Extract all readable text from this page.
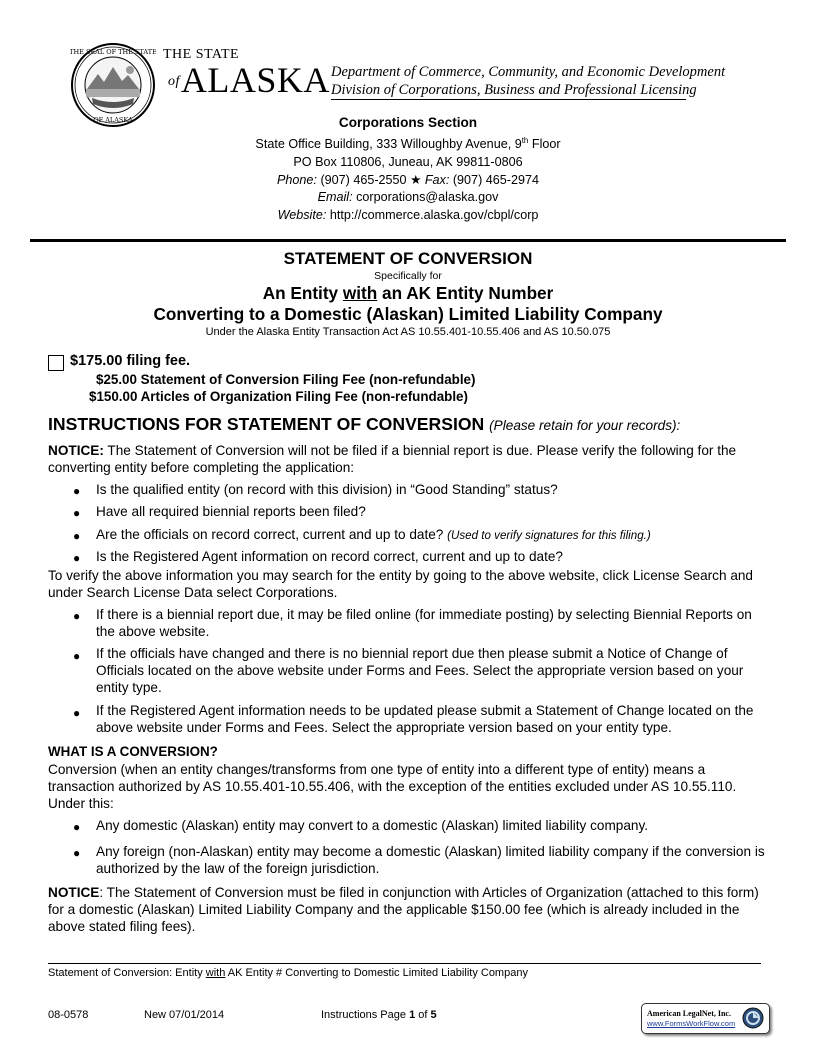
THE SEAL OF THE STATE
OF ALASKA
THE STATE
$^{of}$ALASKA Department of Commerce, Community, and Economic Development
Division of Corporations, Business and Professional Licensing
Corporations Section
State Office Building, 333 Willoughby Avenue, 9th Floor
PO Box 110806, Juneau, AK 99811-0806
Phone: (907) 465-2550 ★ Fax: (907) 465-2974
Email: corporations@alaska.gov
Website: http://commerce.alaska.gov/cbpl/corp
STATEMENT OF CONVERSION
Specifically for
An Entity with an AK Entity Number
Converting to a Domestic (Alaskan) Limited Liability Company
Under the Alaska Entity Transaction Act AS 10.55.401-10.55.406 and AS 10.50.075
$175.00 filing fee.
$25.00 Statement of Conversion Filing Fee (non-refundable)
$150.00 Articles of Organization Filing Fee (non-refundable)
INSTRUCTIONS FOR STATEMENT OF CONVERSION (Please retain for your records):
NOTICE: The Statement of Conversion will not be filed if a biennial report is due. Please verify the following for the converting entity before completing the application:
● Is the qualified entity (on record with this division) in “Good Standing” status?
● Have all required biennial reports been filed?
● Are the officials on record correct, current and up to date? (Used to verify signatures for this filing.)
● Is the Registered Agent information on record correct, current and up to date?
To verify the above information you may search for the entity by going to the above website, click License Search and under Search License Data select Corporations.
● If there is a biennial report due, it may be filed online (for immediate posting) by selecting Biennial Reports on the above website.
● If the officials have changed and there is no biennial report due then please submit a Notice of Change of Officials located on the above website under Forms and Fees. Select the appropriate version based on your entity type.
● If the Registered Agent information needs to be updated please submit a Statement of Change located on the above website under Forms and Fees. Select the appropriate version based on your entity type.
WHAT IS A CONVERSION?
Conversion (when an entity changes/transforms from one type of entity into a different type of entity) means a transaction authorized by AS 10.55.401-10.55.406, with the exception of the entities excluded under AS 10.55.110. Under this:
● Any domestic (Alaskan) entity may convert to a domestic (Alaskan) limited liability company.
● Any foreign (non-Alaskan) entity may become a domestic (Alaskan) limited liability company if the conversion is authorized by the law of the foreign jurisdiction.
NOTICE: The Statement of Conversion must be filed in conjunction with Articles of Organization (attached to this form) for a domestic (Alaskan) Limited Liability Company and the applicable $150.00 fee (which is already included in the above stated filing fees).
Statement of Conversion: Entity with AK Entity # Converting to Domestic Limited Liability Company
08-0578	New 07/01/2014	Instructions Page 1 of 5	American LegalNet, Inc.
www.FormsWorkFlow.com
